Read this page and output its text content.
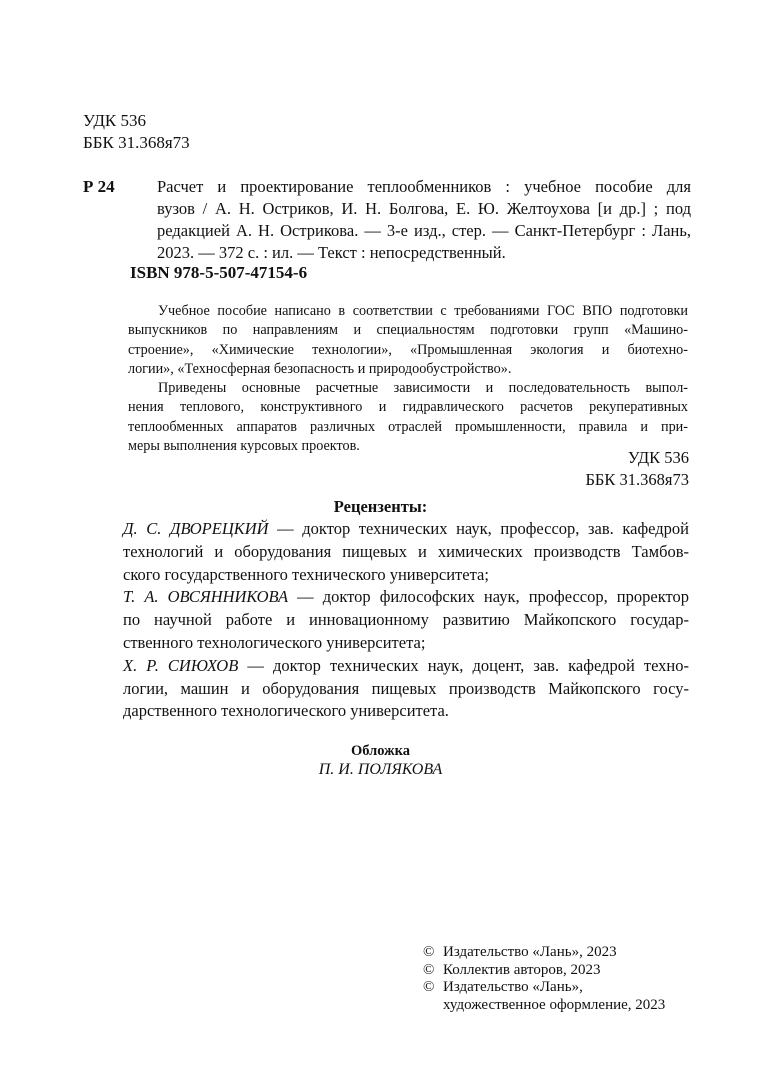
УДК 536
ББК 31.368я73
Р 24	Расчет и проектирование теплообменников : учебное пособие для
вузов / А. Н. Остриков, И. Н. Болгова, Е. Ю. Желтоухова [и др.] ; под
редакцией А. Н. Острикова. — 3-е изд., стер. — Санкт-Петербург : Лань,
2023. — 372 с. : ил. — Текст : непосредственный.
ISBN 978-5-507-47154-6
Учебное пособие написано в соответствии с требованиями ГОС ВПО подготовки
выпускников по направлениям и специальностям подготовки групп «Машино-
строение», «Химические технологии», «Промышленная экология и биотехно-
логии», «Техносферная безопасность и природообустройство».
Приведены основные расчетные зависимости и последовательность выпол-
нения теплового, конструктивного и гидравлического расчетов рекуперативных
теплообменных аппаратов различных отраслей промышленности, правила и при-
меры выполнения курсовых проектов.
УДК 536
ББК 31.368я73
Рецензенты:
Д. С. ДВОРЕЦКИЙ — доктор технических наук, профессор, зав. кафедрой
технологий и оборудования пищевых и химических производств Тамбов-
ского государственного технического университета;
Т. А. ОВСЯННИКОВА — доктор философских наук, профессор, проректор
по научной работе и инновационному развитию Майкопского государ-
ственного технологического университета;
Х. Р. СИЮХОВ — доктор технических наук, доцент, зав. кафедрой техно-
логии, машин и оборудования пищевых производств Майкопского госу-
дарственного технологического университета.
Обложка
П. И. ПОЛЯКОВА
© Издательство «Лань», 2023
© Коллектив авторов, 2023
© Издательство «Лань»,
художественное оформление, 2023
